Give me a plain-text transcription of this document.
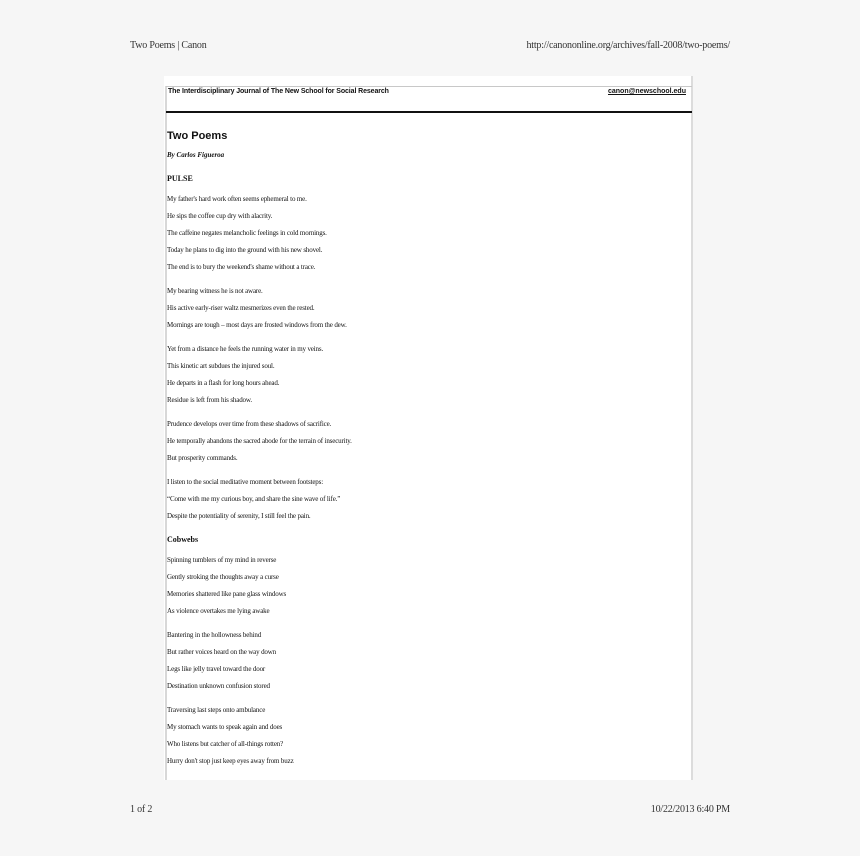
Two Poems | Canon	http://canononline.org/archives/fall-2008/two-poems/
The Interdisciplinary Journal of The New School for Social Research	canon@newschool.edu
Two Poems
By Carlos Figueroa
PULSE
My father's hard work often seems ephemeral to me.
He sips the coffee cup dry with alacrity.
The caffeine negates melancholic feelings in cold mornings.
Today he plans to dig into the ground with his new shovel.
The end is to bury the weekend's shame without a trace.
My bearing witness he is not aware.
His active early-riser waltz mesmerizes even the rested.
Mornings are tough – most days are frosted windows from the dew.
Yet from a distance he feels the running water in my veins.
This kinetic art subdues the injured soul.
He departs in a flash for long hours ahead.
Residue is left from his shadow.
Prudence develops over time from these shadows of sacrifice.
He temporally abandons the sacred abode for the terrain of insecurity.
But prosperity commands.
I listen to the social meditative moment between footsteps:
“Come with me my curious boy, and share the sine wave of life.”
Despite the potentiality of serenity, I still feel the pain.
Cobwebs
Spinning tumblers of my mind in reverse
Gently stroking the thoughts away a curse
Memories shattered like pane glass windows
As violence overtakes me lying awake
Bantering in the hollowness behind
But rather voices heard on the way down
Legs like jelly travel toward the door
Destination unknown confusion stored
Traversing last steps onto ambulance
My stomach wants to speak again and does
Who listens but catcher of all-things rotten?
Hurry don't stop just keep eyes away from buzz
1 of 2	10/22/2013 6:40 PM
